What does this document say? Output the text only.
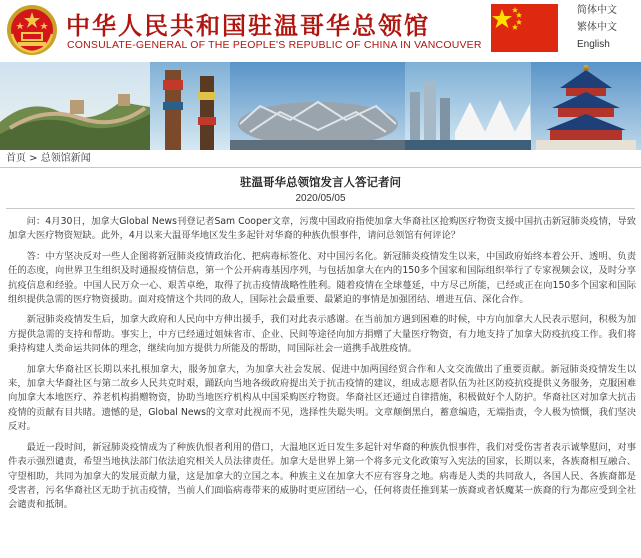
中华人民共和国驻温哥华总领馆
CONSULATE-GENERAL OF THE PEOPLE'S REPUBLIC OF CHINA IN VANCOUVER
简体中文
繁体中文
English
首页 > 总领馆新闻
驻温哥华总领馆发言人答记者问
2020/05/05

问：4月30日，加拿大Global News刊登记者Sam Cooper文章，污蔑中国政府指使加拿大华裔社区抢购医疗物资支援中国抗击新冠肺炎疫情，导致加拿大医疗物资短缺。此外，4月以来大温哥华地区发生多起针对华裔的种族仇恨事件，请问总领馆有何评论？

答：中方坚决反对一些人企图将新冠肺炎疫情政治化、把病毒标签化、对中国污名化。新冠肺炎疫情发生以来，中国政府始终本着公开、透明、负责任的态度，向世界卫生组织及时通报疫情信息，第一个公开病毒基因序列，与包括加拿大在内的150多个国家和国际组织举行了专家视频会议，及时分享抗疫信息和经验。中国人民万众一心、艰苦卓绝，取得了抗击疫情战略性胜利。随着疫情在全球蔓延，中方尽己所能，已经或正在向150多个国家和国际组织提供急需的医疗物资援助。面对疫情这个共同的敌人，国际社会最重要、最紧迫的事情是加强团结、增进互信、深化合作。

新冠肺炎疫情发生后，加拿大政府和人民向中方伸出援手，我们对此表示感谢。在当前加方遇到困难的时候，中方向加拿大人民表示慰问，积极为加方提供急需的支持和帮助。事实上，中方已经通过姐妹省市、企业、民间等途径向加方捐赠了大量医疗物资，有力地支持了加拿大防疫抗疫工作。我们将秉持构建人类命运共同体的理念，继续向加方提供力所能及的帮助，同国际社会一道携手战胜疫情。

加拿大华裔社区长期以来扎根加拿大，服务加拿大，为加拿大社会发展、促进中加两国经贸合作和人文交流做出了重要贡献。新冠肺炎疫情发生以来，加拿大华裔社区与第二故乡人民共克时艰，踊跃向当地各级政府提出关于抗击疫情的建议，组成志愿者队伍为社区防疫抗疫提供义务服务，克服困难向加拿大本地医疗、养老机构捐赠物资，协助当地医疗机构从中国采购医疗物资。华裔社区还通过自律措施，积极做好个人防护。华裔社区对加拿大抗击疫情的贡献有目共睹。遗憾的是，Global News的文章对此视而不见，选择性失聪失明。文章颠倒黑白，蓄意编造，无端指责，令人极为愤慨，我们坚决反对。

最近一段时间，新冠肺炎疫情成为了种族仇恨者利用的借口，大温地区近日发生多起针对华裔的种族仇恨事件，我们对受伤害者表示诚挚慰问，对事件表示强烈谴责，希望当地执法部门依法追究相关人员法律责任。加拿大是世界上第一个将多元文化政策写入宪法的国家，长期以来，各族裔相互融合、守望相助，共同为加拿大的发展贡献力量，这是加拿大的立国之本。种族主义在加拿大不应有容身之地。病毒是人类的共同敌人，各国人民、各族裔都是受害者，污名华裔社区无助于抗击疫情，当前人们面临病毒带来的威胁时更应团结一心，任何将责任推到某一族裔或者妖魔某一族裔的行为都应受到全社会谴责和抵制。
